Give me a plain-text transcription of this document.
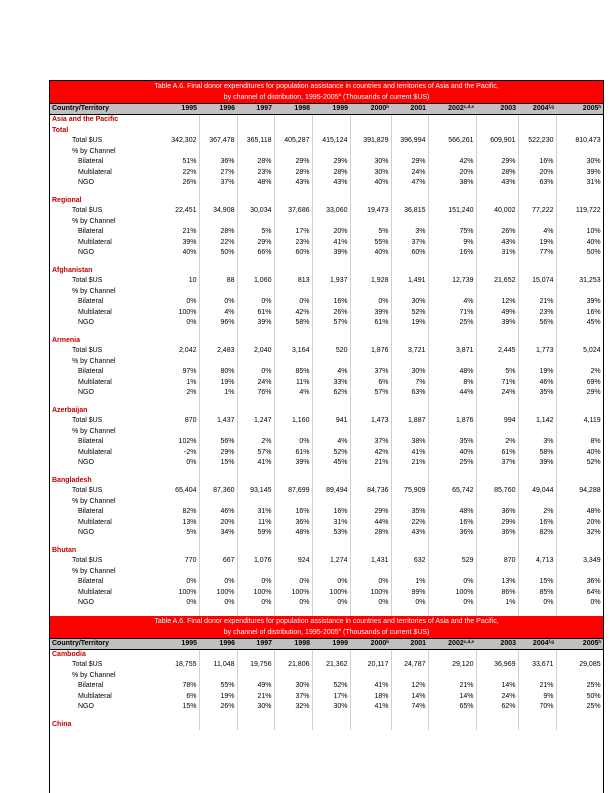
Table A.6. Final donor expenditures for population assistance in countries and territories of Asia and the Pacific,											
by channel of distribution, 1995-2005$^a$ (Thousands of current $US)											
Country/Territory	1995	1996	1997	1998	1999	2000$^b$	2001	2002$^{c,d,e}$	2003	2004$^{f,g}$	2005$^h$
Asia and the Pacific											
Total											
Total $US	342,302	367,478	365,118	405,287	415,124	391,829	396,994	566,261	609,901	522,230	810,473
% by Channel											
Bilateral	51%	36%	28%	29%	29%	30%	29%	42%	29%	16%	30%
Multilateral	22%	27%	23%	28%	28%	30%	24%	20%	28%	20%	39%
NGO	26%	37%	48%	43%	43%	40%	47%	38%	43%	63%	31%

Regional											
Total $US	22,451	34,908	30,034	37,686	33,060	19,473	36,815	151,240	40,002	77,222	119,722
% by Channel											
Bilateral	21%	28%	5%	17%	20%	5%	3%	75%	26%	4%	10%
Multilateral	39%	22%	29%	23%	41%	55%	37%	9%	43%	19%	40%
NGO	40%	50%	66%	60%	39%	40%	60%	16%	31%	77%	50%

Afghanistan											
Total $US	10	88	1,060	813	1,937	1,928	1,491	12,739	21,652	15,074	31,253
% by Channel											
Bilateral	0%	0%	0%	0%	16%	0%	30%	4%	12%	21%	39%
Multilateral	100%	4%	61%	42%	26%	39%	52%	71%	49%	23%	16%
NGO	0%	96%	39%	58%	57%	61%	19%	25%	39%	56%	45%

Armenia											
Total $US	2,042	2,483	2,040	3,164	520	1,876	3,721	3,871	2,445	1,773	5,024
% by Channel											
Bilateral	97%	80%	0%	85%	4%	37%	30%	48%	5%	19%	2%
Multilateral	1%	19%	24%	11%	33%	6%	7%	8%	71%	46%	69%
NGO	2%	1%	76%	4%	62%	57%	63%	44%	24%	35%	29%

Azerbaijan											
Total $US	870	1,437	1,247	1,160	941	1,473	1,887	1,876	994	1,142	4,119
% by Channel											
Bilateral	102%	56%	2%	0%	4%	37%	38%	35%	2%	3%	8%
Multilateral	-2%	29%	57%	61%	52%	42%	41%	40%	61%	58%	40%
NGO	0%	15%	41%	39%	45%	21%	21%	25%	37%	39%	52%

Bangladesh											
Total $US	65,404	87,360	93,145	87,699	89,494	84,736	75,909	65,742	85,760	49,044	94,288
% by Channel											
Bilateral	82%	46%	31%	16%	16%	29%	35%	48%	36%	2%	48%
Multilateral	13%	20%	11%	36%	31%	44%	22%	16%	29%	16%	20%
NGO	5%	34%	59%	48%	53%	28%	43%	36%	36%	82%	32%

Bhutan											
Total $US	770	667	1,076	924	1,274	1,431	632	529	870	4,713	3,349
% by Channel											
Bilateral	0%	0%	0%	0%	0%	0%	1%	0%	13%	15%	36%
Multilateral	100%	100%	100%	100%	100%	100%	99%	100%	86%	85%	64%
NGO	0%	0%	0%	0%	0%	0%	0%	0%	1%	0%	0%

Table A.6. Final donor expenditures for population assistance in countries and territories of Asia and the Pacific,											
by channel of distribution, 1995-2005$^a$ (Thousands of current $US)											
Country/Territory	1995	1996	1997	1998	1999	2000$^b$	2001	2002$^{c,d,e}$	2003	2004$^{f,g}$	2005$^h$
Cambodia											
Total $US	18,755	11,048	19,756	21,806	21,362	20,117	24,787	29,120	36,969	33,671	29,085
% by Channel											
Bilateral	78%	55%	49%	30%	52%	41%	12%	21%	14%	21%	25%
Multilateral	6%	19%	21%	37%	17%	18%	14%	14%	24%	9%	50%
NGO	15%	26%	30%	32%	30%	41%	74%	65%	62%	70%	25%

China											
